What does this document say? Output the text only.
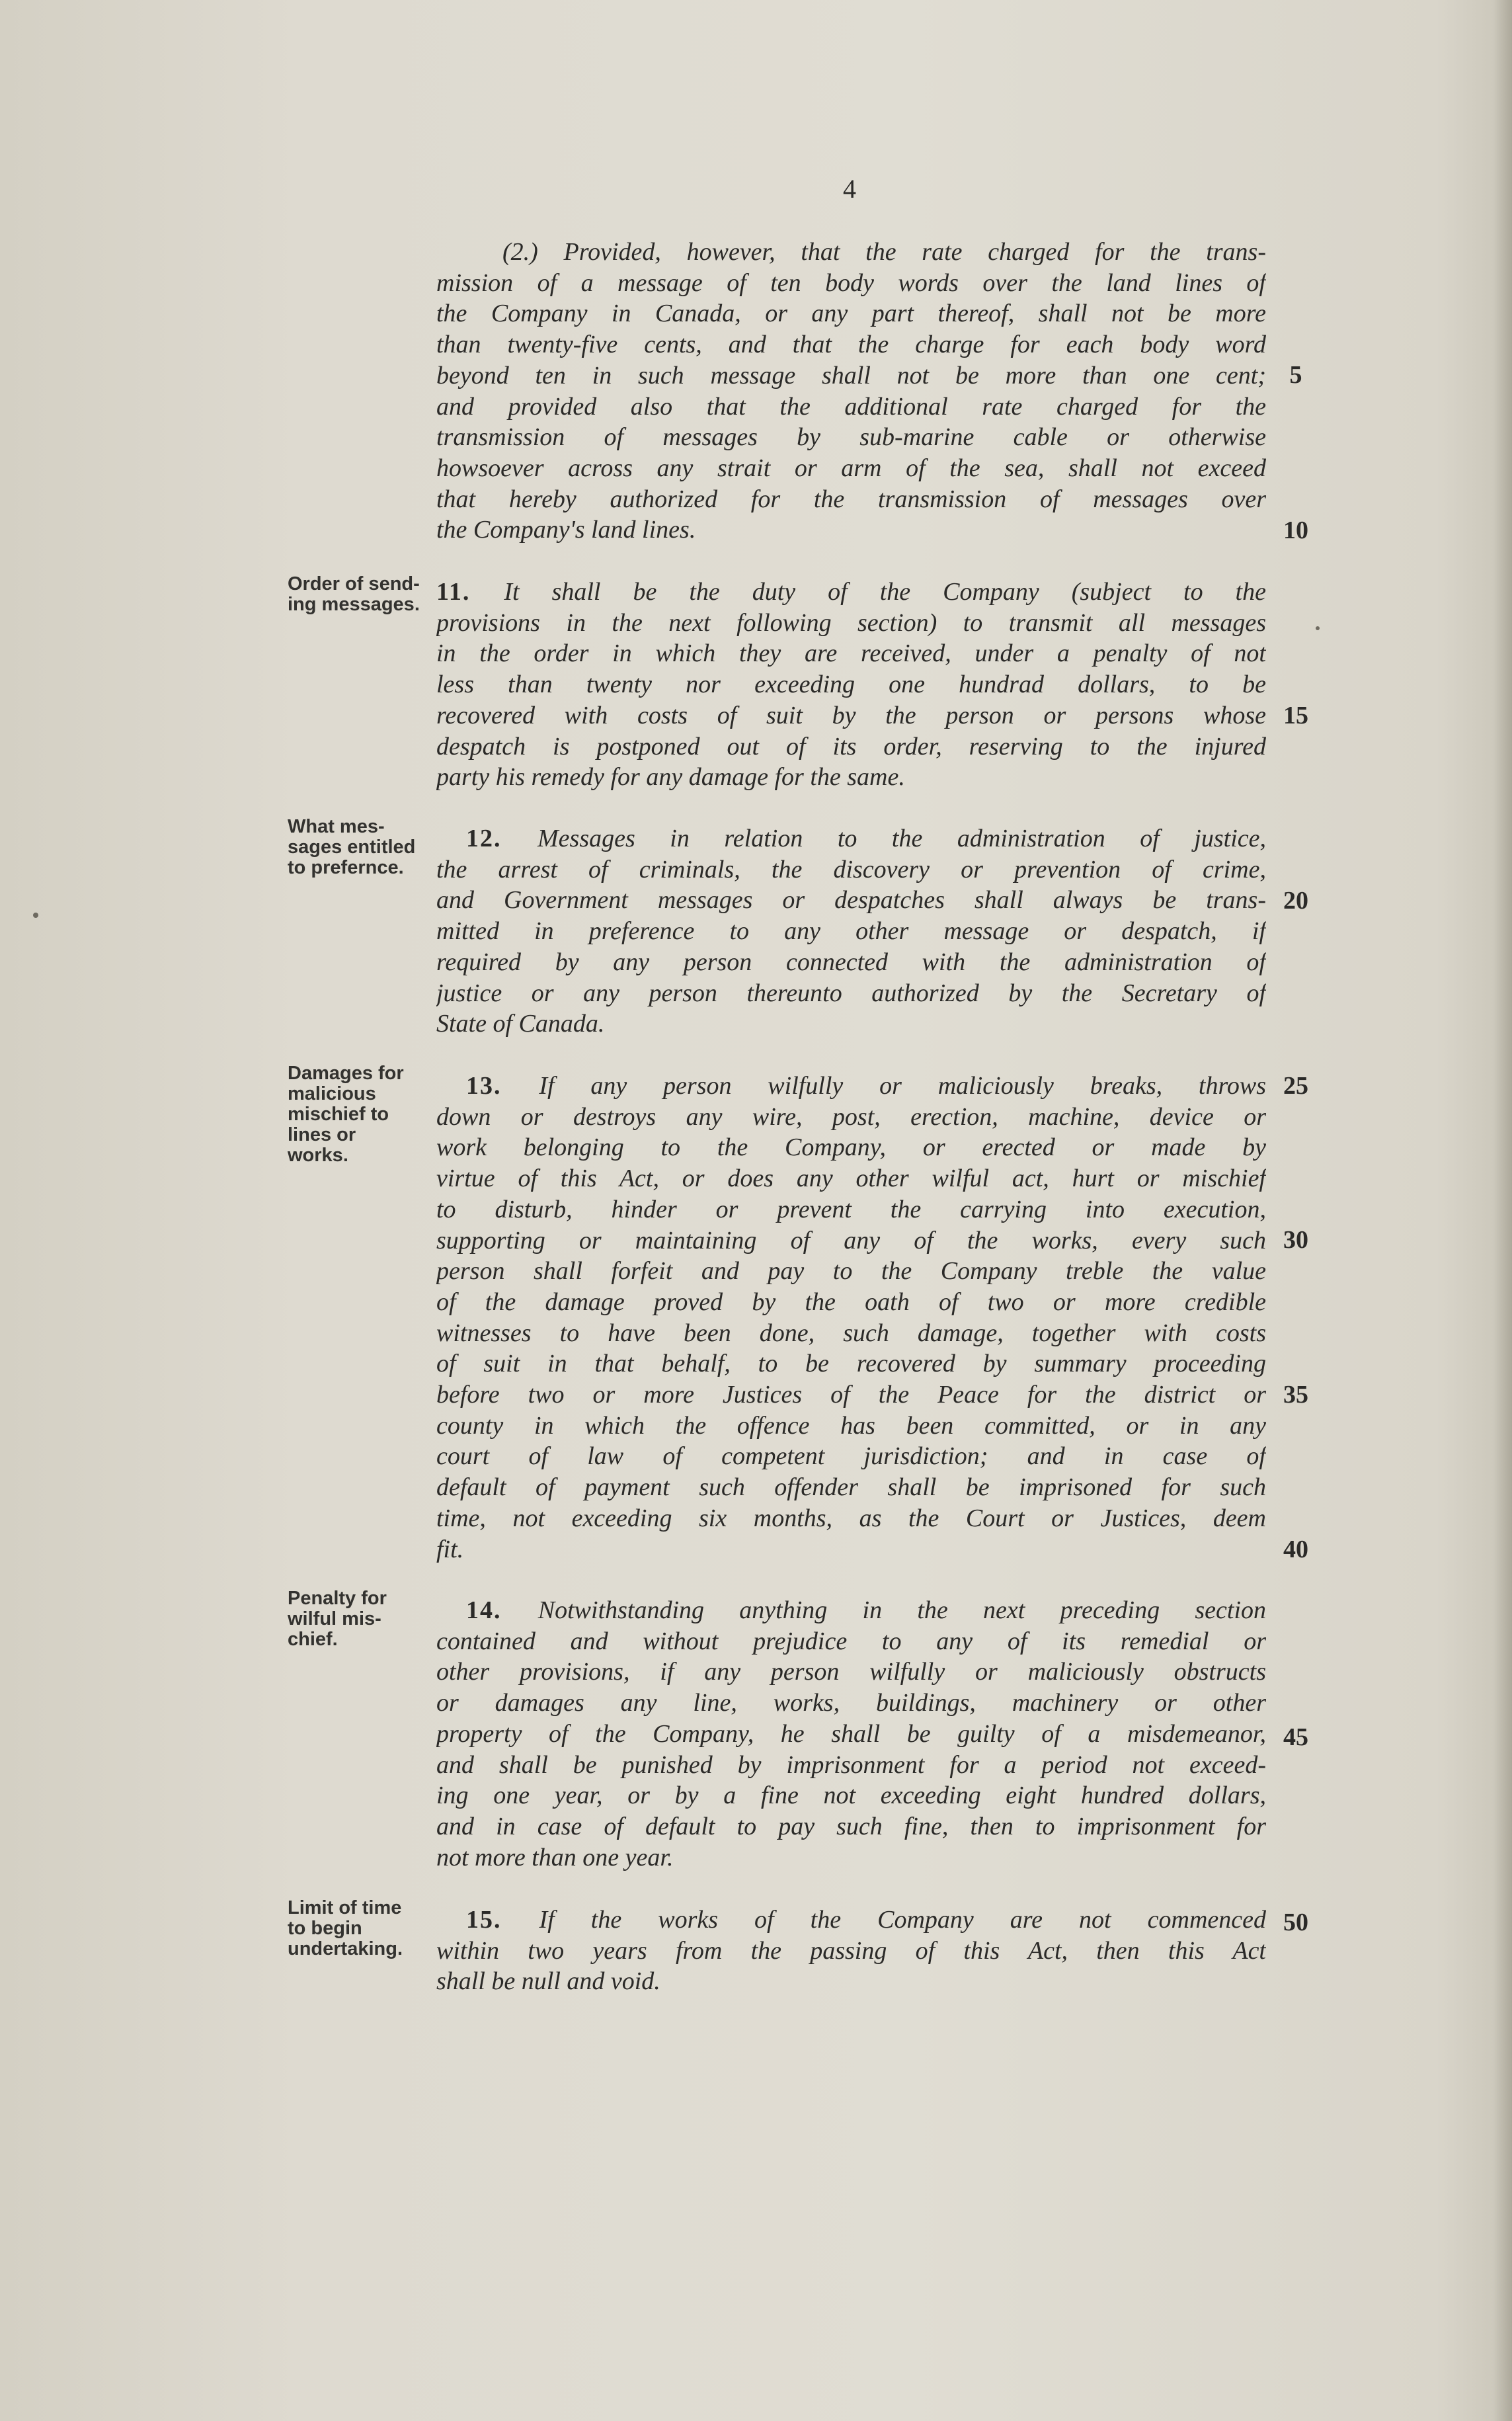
4
(2.) Provided, however, that the rate charged for the trans-
mission of a message of ten body words over the land lines of
the Company in Canada, or any part thereof, shall not be more
than twenty-five cents, and that the charge for each body word
beyond ten in such message shall not be more than one cent;
and provided also that the additional rate charged for the
transmission of messages by sub-marine cable or otherwise
howsoever across any strait or arm of the sea, shall not exceed
that hereby authorized for the transmission of messages over
the Company's land lines.
11. It shall be the duty of the Company (subject to the
provisions in the next following section) to transmit all messages
in the order in which they are received, under a penalty of not
less than twenty nor exceeding one hundrad dollars, to be
recovered with costs of suit by the person or persons whose
despatch is postponed out of its order, reserving to the injured
party his remedy for any damage for the same.
12. Messages in relation to the administration of justice,
the arrest of criminals, the discovery or prevention of crime,
and Government messages or despatches shall always be trans-
mitted in preference to any other message or despatch, if
required by any person connected with the administration of
justice or any person thereunto authorized by the Secretary of
State of Canada.
13. If any person wilfully or maliciously breaks, throws
down or destroys any wire, post, erection, machine, device or
work belonging to the Company, or erected or made by
virtue of this Act, or does any other wilful act, hurt or mischief
to disturb, hinder or prevent the carrying into execution,
supporting or maintaining of any of the works, every such
person shall forfeit and pay to the Company treble the value
of the damage proved by the oath of two or more credible
witnesses to have been done, such damage, together with costs
of suit in that behalf, to be recovered by summary proceeding
before two or more Justices of the Peace for the district or
county in which the offence has been committed, or in any
court of law of competent jurisdiction; and in case of
default of payment such offender shall be imprisoned for such
time, not exceeding six months, as the Court or Justices, deem
fit.
14. Notwithstanding anything in the next preceding section
contained and without prejudice to any of its remedial or
other provisions, if any person wilfully or maliciously obstructs
or damages any line, works, buildings, machinery or other
property of the Company, he shall be guilty of a misdemeanor,
and shall be punished by imprisonment for a period not exceed-
ing one year, or by a fine not exceeding eight hundred dollars,
and in case of default to pay such fine, then to imprisonment for
not more than one year.
15. If the works of the Company are not commenced
within two years from the passing of this Act, then this Act
shall be null and void.
Order of send-
ing messages.
What mes-
sages entitled
to prefernce.
Damages for
malicious
mischief to
lines or
works.
Penalty for
wilful mis-
chief.
Limit of time
to begin
undertaking.
5
10
15
20
25
30
35
40
45
50
